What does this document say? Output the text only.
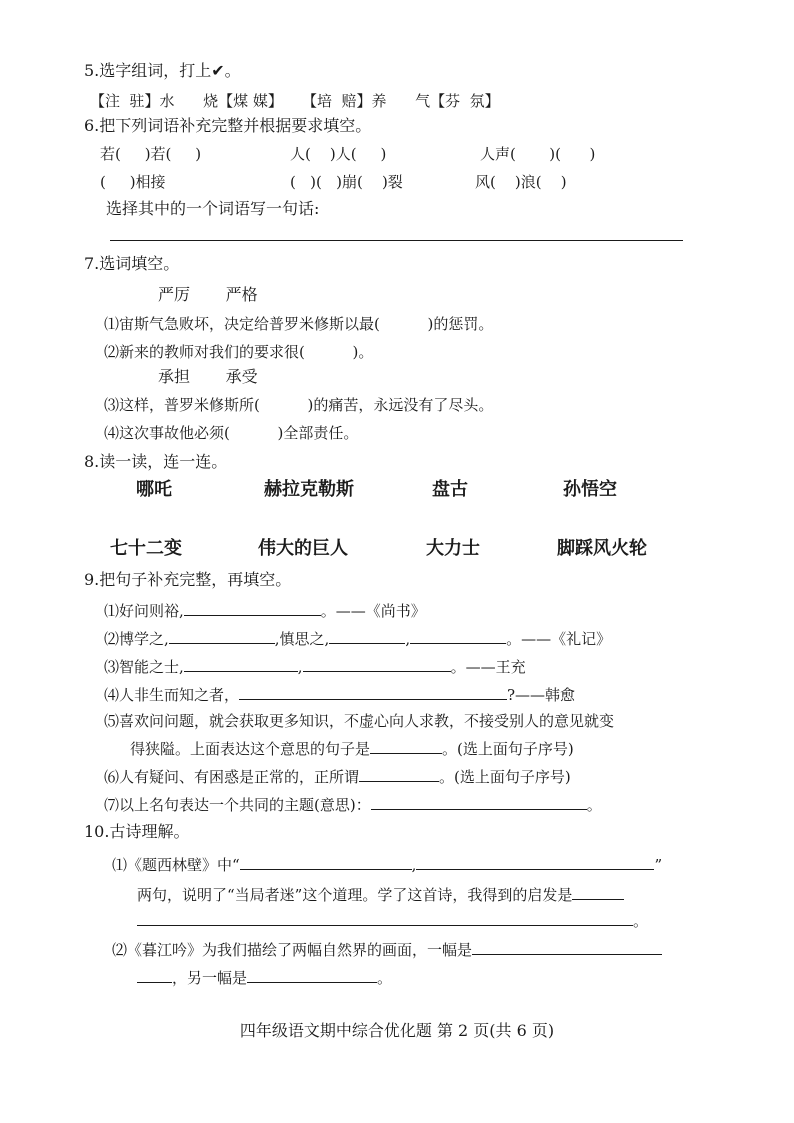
5.选字组词，打上✔。
【注  驻】水      烧【煤 媒】    【培  赔】养      气【芬  氛】
6.把下列词语补充完整并根据要求填空。
若(     )若(     )	人(    )人(     )	人声(       )(      )
(     )相接	(   )(   )崩(    )裂	风(    )浪(    )
选择其中的一个词语写一句话:
7.选词填空。
严厉       严格
⑴宙斯气急败坏，决定给普罗米修斯以最(          )的惩罚。
⑵新来的教师对我们的要求很(          )。
承担       承受
⑶这样，普罗米修斯所(          )的痛苦，永远没有了尽头。
⑷这次事故他必须(          )全部责任。
8.读一读，连一连。
哪吒	赫拉克勒斯	盘古	孙悟空
七十二变	伟大的巨人	大力士	脚踩风火轮
9.把句子补充完整，再填空。
⑴好问则裕,	。——《尚书》
⑵博学之,	,慎思之,	,	。——《礼记》
⑶智能之士,	,	。——王充
⑷人非生而知之者，	?——韩愈
⑸喜欢问问题，就会获取更多知识，不虚心向人求教，不接受别人的意见就变
得狭隘。上面表达这个意思的句子是	。(选上面句子序号)
⑹人有疑问、有困惑是正常的，正所谓	。(选上面句子序号)
⑺以上名句表达一个共同的主题(意思)：	。
10.古诗理解。
⑴《题西林壁》中“	,	”
两句，说明了“当局者迷”这个道理。学了这首诗，我得到的启发是
。
⑵《暮江吟》为我们描绘了两幅自然界的画面，一幅是
，另一幅是	。
四年级语文期中综合优化题 第 2 页(共 6 页)
